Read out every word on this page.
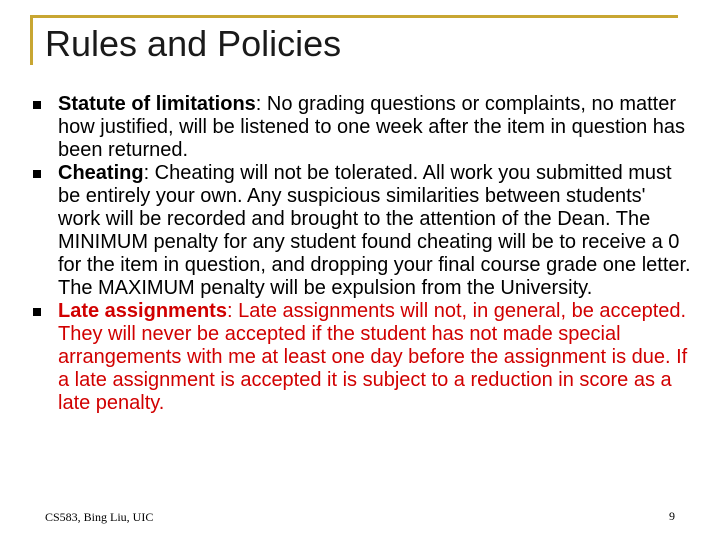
Rules and Policies
Statute of limitations: No grading questions or complaints, no matter how justified, will be listened to one week after the item in question has been returned.
Cheating: Cheating will not be tolerated. All work you submitted must be entirely your own. Any suspicious similarities between students' work will be recorded and brought to the attention of the Dean. The MINIMUM penalty for any student found cheating will be to receive a 0 for the item in question, and dropping your final course grade one letter. The MAXIMUM penalty will be expulsion from the University.
Late assignments: Late assignments will not, in general, be accepted. They will never be accepted if the student has not made special arrangements with me at least one day before the assignment is due. If a late assignment is accepted it is subject to a reduction in score as a late penalty.
CS583, Bing Liu, UIC	9
